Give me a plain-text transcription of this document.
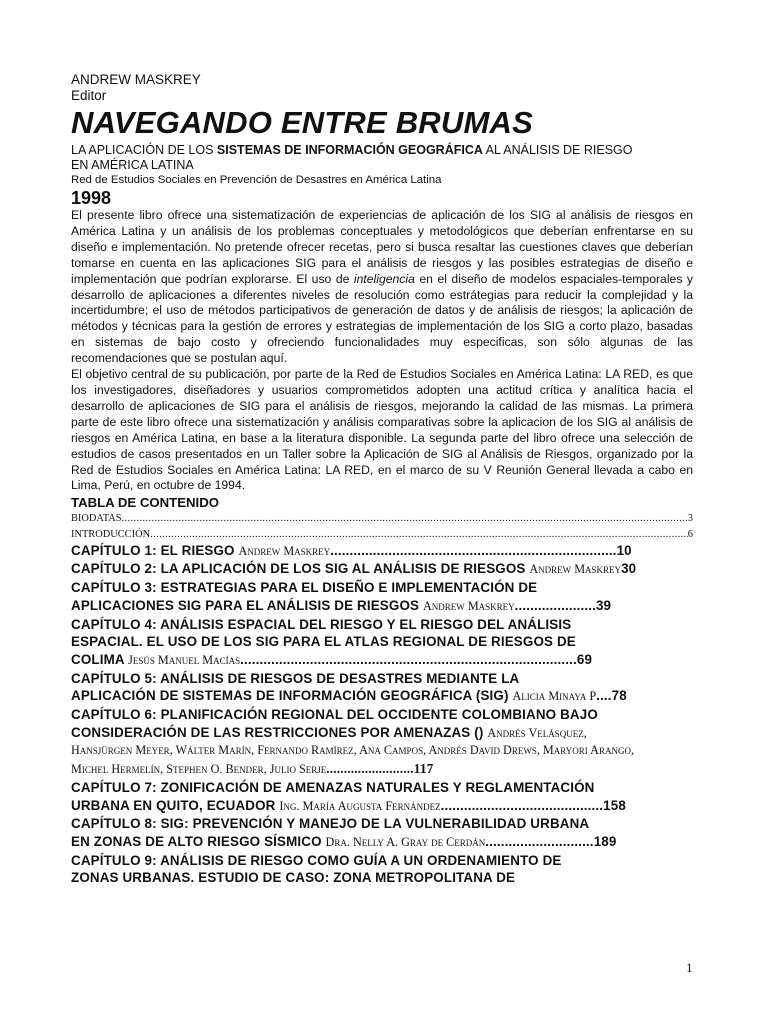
ANDREW MASKREY
Editor
NAVEGANDO ENTRE BRUMAS
LA APLICACIÓN DE LOS SISTEMAS DE INFORMACIÓN GEOGRÁFICA AL ANÁLISIS DE RIESGO
EN AMÉRICA LATINA
Red de Estudios Sociales en Prevención de Desastres en América Latina
1998
El presente libro ofrece una sistematización de experiencias de aplicación de los SIG al análisis de riesgos en América Latina y un análisis de los problemas conceptuales y metodológicos que deberían enfrentarse en su diseño e implementación. No pretende ofrecer recetas, pero si busca resaltar las cuestiones claves que deberían tomarse en cuenta en las aplicaciones SIG para el análisis de riesgos y las posibles estrategias de diseño e implementación que podrían explorarse. El uso de inteligencia en el diseño de modelos espaciales-temporales y desarrollo de aplicaciones a diferentes niveles de resolución como estrátegias para reducir la complejidad y la incertidumbre; el uso de métodos participativos de generación de datos y de análisis de riesgos; la aplicación de métodos y técnicas para la gestión de errores y estrategias de implementación de los SIG a corto plazo, basadas en sistemas de bajo costo y ofreciendo funcionalidades muy especificas, son sólo algunas de las recomendaciones que se postulan aquí.
El objetivo central de su publicación, por parte de la Red de Estudios Sociales en América Latina: LA RED, es que los investigadores, diseñadores y usuarios comprometidos adopten una actitud crítica y analítica hacia el desarrollo de aplicaciones de SIG para el análisis de riesgos, mejorando la calidad de las mismas. La primera parte de este libro ofrece una sistematización y análisis comparativas sobre la aplicacion de los SIG al análisis de riesgos en América Latina, en base a la literatura disponible. La segunda parte del libro ofrece una selección de estudios de casos presentados en un Taller sobre la Aplicación de SIG al Análisis de Riesgos, organizado por la Red de Estudios Sociales en América Latina: LA RED, en el marco de su V Reunión General llevada a cabo en Lima, Perú, en octubre de 1994.
TABLA DE CONTENIDO
BIODATAS .....	3
INTRODUCCIÓN .....	6
CAPÍTULO 1: EL RIESGO Andrew Maskrey..........................................................................10
CAPÍTULO 2: LA APLICACIÓN DE LOS SIG AL ANÁLISIS DE RIESGOS Andrew Maskrey30
CAPÍTULO 3: ESTRATEGIAS PARA EL DISEÑO E IMPLEMENTACIÓN DE
APLICACIONES SIG PARA EL ANÁLISIS DE RIESGOS Andrew Maskrey.....................39
CAPÍTULO 4: ANÁLISIS ESPACIAL DEL RIESGO Y EL RIESGO DEL ANÁLISIS
ESPACIAL. EL USO DE LOS SIG PARA EL ATLAS REGIONAL DE RIESGOS DE
COLIMA Jesús Manuel Macías.......................................................................................69
CAPÍTULO 5: ANÁLISIS DE RIESGOS DE DESASTRES MEDIANTE LA
APLICACIÓN DE SISTEMAS DE INFORMACIÓN GEOGRÁFICA (SIG) Alicia Minaya P....78
CAPÍTULO 6: PLANIFICACIÓN REGIONAL DEL OCCIDENTE COLOMBIANO BAJO
CONSIDERACIÓN DE LAS RESTRICCIONES POR AMENAZAS () Andrés Velásquez,
Hansjürgen Meyer, Wálter Marín, Fernando Ramírez, Ana Campos, Andrés David Drews, Maryori Arango,
Michel Hermelín, Stephen O. Bender, Julio Serje.........................117
CAPÍTULO 7: ZONIFICACIÓN DE AMENAZAS NATURALES Y REGLAMENTACIÓN
URBANA EN QUITO, ECUADOR Ing. María Augusta Fernández..........................................158
CAPÍTULO 8: SIG: PREVENCIÓN Y MANEJO DE LA VULNERABILIDAD URBANA
EN ZONAS DE ALTO RIESGO SÍSMICO Dra. Nelly A. Gray de Cerdán............................189
CAPÍTULO 9: ANÁLISIS DE RIESGO COMO GUÍA A UN ORDENAMIENTO DE
ZONAS URBANAS. ESTUDIO DE CASO: ZONA METROPOLITANA DE
1
